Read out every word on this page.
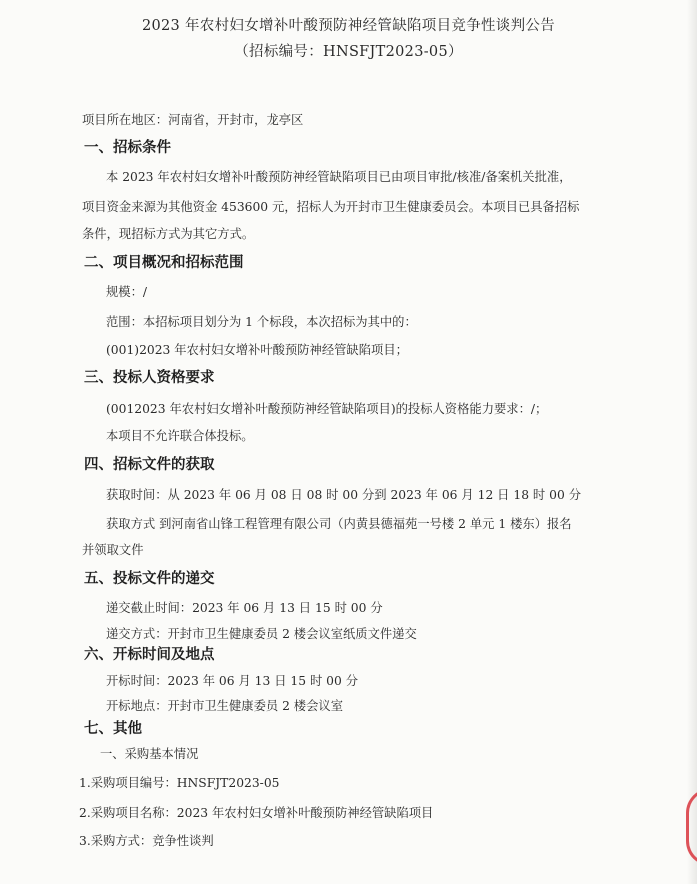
2023 年农村妇女增补叶酸预防神经管缺陷项目竞争性谈判公告
（招标编号：HNSFJT2023-05）
项目所在地区：河南省，开封市，龙亭区
一、招标条件
本 2023 年农村妇女增补叶酸预防神经管缺陷项目已由项目审批/核准/备案机关批准，
项目资金来源为其他资金 453600 元，招标人为开封市卫生健康委员会。本项目已具备招标
条件，现招标方式为其它方式。
二、项目概况和招标范围
规模：/
范围：本招标项目划分为 1 个标段，本次招标为其中的：
(001)2023 年农村妇女增补叶酸预防神经管缺陷项目；
三、投标人资格要求
(0012023 年农村妇女增补叶酸预防神经管缺陷项目)的投标人资格能力要求：/；
本项目不允许联合体投标。
四、招标文件的获取
获取时间：从 2023 年 06 月 08 日 08 时 00 分到 2023 年 06 月 12 日 18 时 00 分
获取方式 到河南省山锋工程管理有限公司（内黄县德福苑一号楼 2 单元 1 楼东）报名
并领取文件
五、投标文件的递交
递交截止时间：2023 年 06 月 13 日 15 时 00 分
递交方式：开封市卫生健康委员 2 楼会议室纸质文件递交
六、开标时间及地点
开标时间：2023 年 06 月 13 日 15 时 00 分
开标地点：开封市卫生健康委员 2 楼会议室
七、其他
一、采购基本情况
1.采购项目编号：HNSFJT2023-05
2.采购项目名称：2023 年农村妇女增补叶酸预防神经管缺陷项目
3.采购方式：竞争性谈判
